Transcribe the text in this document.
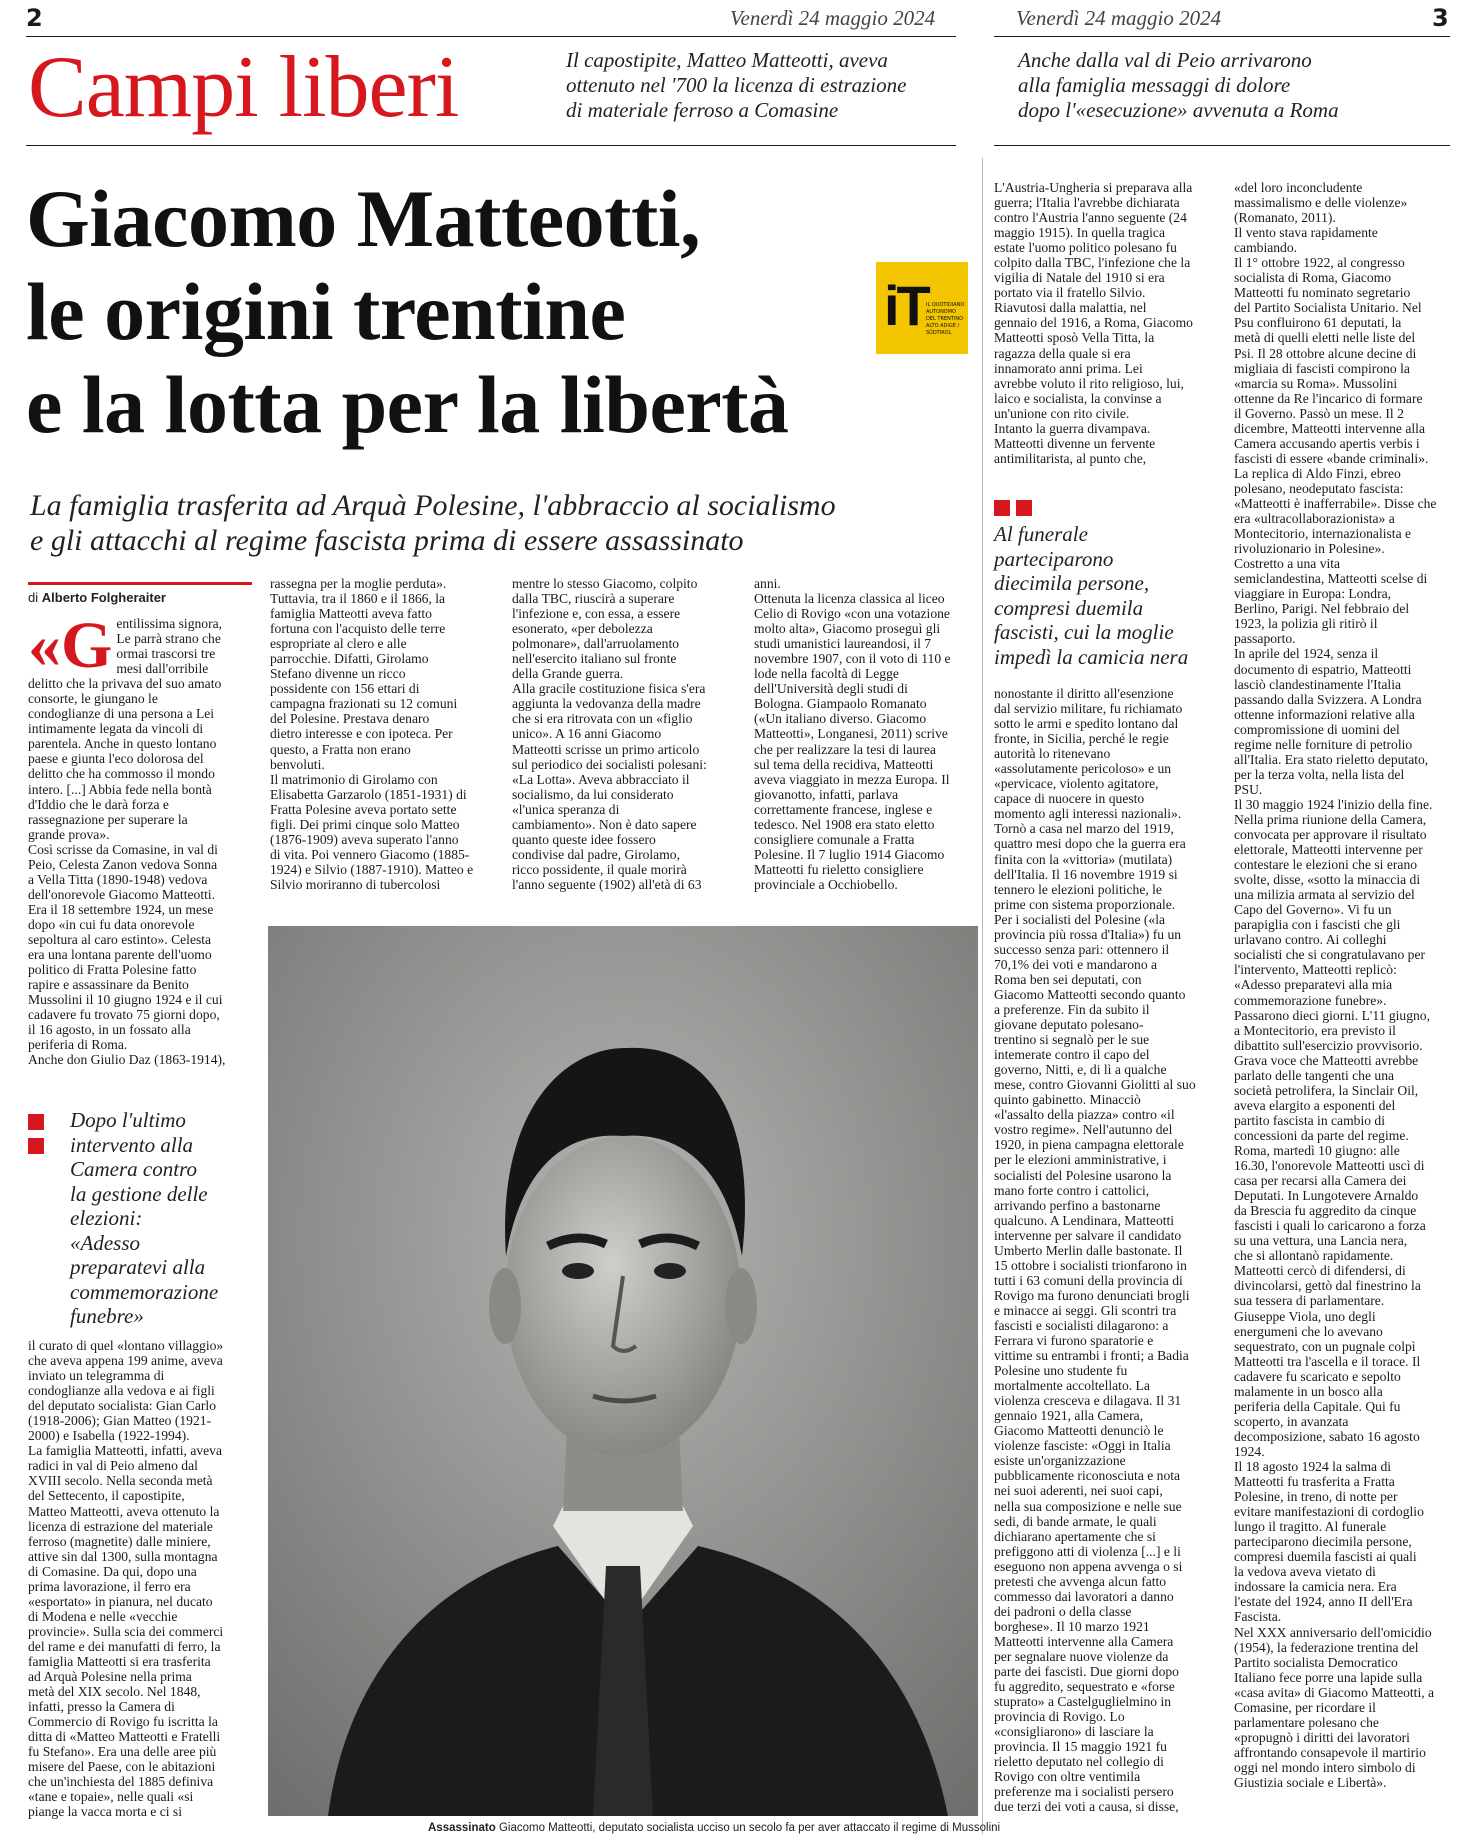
2	Venerdì 24 maggio 2024	Venerdì 24 maggio 2024	3
Campi liberi	Il capostipite, Matteo Matteotti, aveva
ottenuto nel '700 la licenza di estrazione
di materiale ferroso a Comasine
Anche dalla val di Peio arrivarono
alla famiglia messaggi di dolore
dopo l'«esecuzione» avvenuta a Roma
Giacomo Matteotti,
le origini trentine
e la lotta per la libertà
iT
IL QUOTIDIANO AUTONOMO DEL TRENTINO ALTO ADIGE / SÜDTIROL
La famiglia trasferita ad Arquà Polesine, l'abbraccio al socialismo
e gli attacchi al regime fascista prima di essere assassinato
di Alberto Folgheraiter
«G entilissima signora,
Le parrà strano che
ormai trascorsi tre
mesi dall'orribile
delitto che la privava del suo amato
consorte, le giungano le
condoglianze di una persona a Lei
intimamente legata da vincoli di
parentela. Anche in questo lontano
paese e giunta l'eco dolorosa del
delitto che ha commosso il mondo
intero. [...] Abbia fede nella bontà
d'Iddio che le darà forza e
rassegnazione per superare la
grande prova».
Così scrisse da Comasine, in val di
Peio, Celesta Zanon vedova Sonna
a Vella Titta (1890-1948) vedova
dell'onorevole Giacomo Matteotti.
Era il 18 settembre 1924, un mese
dopo «in cui fu data onorevole
sepoltura al caro estinto». Celesta
era una lontana parente dell'uomo
politico di Fratta Polesine fatto
rapire e assassinare da Benito
Mussolini il 10 giugno 1924 e il cui
cadavere fu trovato 75 giorni dopo,
il 16 agosto, in un fossato alla
periferia di Roma.
Anche don Giulio Daz (1863-1914),
Dopo l'ultimo
intervento alla
Camera contro
la gestione delle
elezioni:
«Adesso
preparatevi alla
commemorazione
funebre»
il curato di quel «lontano villaggio»
che aveva appena 199 anime, aveva
inviato un telegramma di
condoglianze alla vedova e ai figli
del deputato socialista: Gian Carlo
(1918-2006); Gian Matteo (1921-
2000) e Isabella (1922-1994).
La famiglia Matteotti, infatti, aveva
radici in val di Peio almeno dal
XVIII secolo. Nella seconda metà
del Settecento, il capostipite,
Matteo Matteotti, aveva ottenuto la
licenza di estrazione del materiale
ferroso (magnetite) dalle miniere,
attive sin dal 1300, sulla montagna
di Comasine. Da qui, dopo una
prima lavorazione, il ferro era
«esportato» in pianura, nel ducato
di Modena e nelle «vecchie
provincie». Sulla scia dei commerci
del rame e dei manufatti di ferro, la
famiglia Matteotti si era trasferita
ad Arquà Polesine nella prima
metà del XIX secolo. Nel 1848,
infatti, presso la Camera di
Commercio di Rovigo fu iscritta la
ditta di «Matteo Matteotti e Fratelli
fu Stefano». Era una delle aree più
misere del Paese, con le abitazioni
che un'inchiesta del 1885 definiva
«tane e topaie», nelle quali «si
piange la vacca morta e ci si
rassegna per la moglie perduta».
Tuttavia, tra il 1860 e il 1866, la
famiglia Matteotti aveva fatto
fortuna con l'acquisto delle terre
espropriate al clero e alle
parrocchie. Difatti, Girolamo
Stefano divenne un ricco
possidente con 156 ettari di
campagna frazionati su 12 comuni
del Polesine. Prestava denaro
dietro interesse e con ipoteca. Per
questo, a Fratta non erano
benvoluti.
Il matrimonio di Girolamo con
Elisabetta Garzarolo (1851-1931) di
Fratta Polesine aveva portato sette
figli. Dei primi cinque solo Matteo
(1876-1909) aveva superato l'anno
di vita. Poi vennero Giacomo (1885-
1924) e Silvio (1887-1910). Matteo e
Silvio moriranno di tubercolosi
mentre lo stesso Giacomo, colpito
dalla TBC, riuscirà a superare
l'infezione e, con essa, a essere
esonerato, «per debolezza
polmonare», dall'arruolamento
nell'esercito italiano sul fronte
della Grande guerra.
Alla gracile costituzione fisica s'era
aggiunta la vedovanza della madre
che si era ritrovata con un «figlio
unico». A 16 anni Giacomo
Matteotti scrisse un primo articolo
sul periodico dei socialisti polesani:
«La Lotta». Aveva abbracciato il
socialismo, da lui considerato
«l'unica speranza di
cambiamento». Non è dato sapere
quanto queste idee fossero
condivise dal padre, Girolamo,
ricco possidente, il quale morirà
l'anno seguente (1902) all'età di 63
anni.
Ottenuta la licenza classica al liceo
Celio di Rovigo «con una votazione
molto alta», Giacomo proseguì gli
studi umanistici laureandosi, il 7
novembre 1907, con il voto di 110 e
lode nella facoltà di Legge
dell'Università degli studi di
Bologna. Giampaolo Romanato
(«Un italiano diverso. Giacomo
Matteotti», Longanesi, 2011) scrive
che per realizzare la tesi di laurea
sul tema della recidiva, Matteotti
aveva viaggiato in mezza Europa. Il
giovanotto, infatti, parlava
correttamente francese, inglese e
tedesco. Nel 1908 era stato eletto
consigliere comunale a Fratta
Polesine. Il 7 luglio 1914 Giacomo
Matteotti fu rieletto consigliere
provinciale a Occhiobello.
L'Austria-Ungheria si preparava alla
guerra; l'Italia l'avrebbe dichiarata
contro l'Austria l'anno seguente (24
maggio 1915). In quella tragica
estate l'uomo politico polesano fu
colpito dalla TBC, l'infezione che la
vigilia di Natale del 1910 si era
portato via il fratello Silvio.
Riavutosi dalla malattia, nel
gennaio del 1916, a Roma, Giacomo
Matteotti sposò Vella Titta, la
ragazza della quale si era
innamorato anni prima. Lei
avrebbe voluto il rito religioso, lui,
laico e socialista, la convinse a
un'unione con rito civile.
Intanto la guerra divampava.
Matteotti divenne un fervente
antimilitarista, al punto che,
Al funerale
parteciparono
diecimila persone,
compresi duemila
fascisti, cui la moglie
impedì la camicia nera
nonostante il diritto all'esenzione
dal servizio militare, fu richiamato
sotto le armi e spedito lontano dal
fronte, in Sicilia, perché le regie
autorità lo ritenevano
«assolutamente pericoloso» e un
«pervicace, violento agitatore,
capace di nuocere in questo
momento agli interessi nazionali».
Tornò a casa nel marzo del 1919,
quattro mesi dopo che la guerra era
finita con la «vittoria» (mutilata)
dell'Italia. Il 16 novembre 1919 si
tennero le elezioni politiche, le
prime con sistema proporzionale.
Per i socialisti del Polesine («la
provincia più rossa d'Italia») fu un
successo senza pari: ottennero il
70,1% dei voti e mandarono a
Roma ben sei deputati, con
Giacomo Matteotti secondo quanto
a preferenze. Fin da subito il
giovane deputato polesano-
trentino si segnalò per le sue
intemerate contro il capo del
governo, Nitti, e, di lì a qualche
mese, contro Giovanni Giolitti al suo
quinto gabinetto. Minacciò
«l'assalto della piazza» contro «il
vostro regime». Nell'autunno del
1920, in piena campagna elettorale
per le elezioni amministrative, i
socialisti del Polesine usarono la
mano forte contro i cattolici,
arrivando perfino a bastonarne
qualcuno. A Lendinara, Matteotti
intervenne per salvare il candidato
Umberto Merlin dalle bastonate. Il
15 ottobre i socialisti trionfarono in
tutti i 63 comuni della provincia di
Rovigo ma furono denunciati brogli
e minacce ai seggi. Gli scontri tra
fascisti e socialisti dilagarono: a
Ferrara vi furono sparatorie e
vittime su entrambi i fronti; a Badia
Polesine uno studente fu
mortalmente accoltellato. La
violenza cresceva e dilagava. Il 31
gennaio 1921, alla Camera,
Giacomo Matteotti denunciò le
violenze fasciste: «Oggi in Italia
esiste un'organizzazione
pubblicamente riconosciuta e nota
nei suoi aderenti, nei suoi capi,
nella sua composizione e nelle sue
sedi, di bande armate, le quali
dichiarano apertamente che si
prefiggono atti di violenza [...] e li
eseguono non appena avvenga o si
pretesti che avvenga alcun fatto
commesso dai lavoratori a danno
dei padroni o della classe
borghese». Il 10 marzo 1921
Matteotti intervenne alla Camera
per segnalare nuove violenze da
parte dei fascisti. Due giorni dopo
fu aggredito, sequestrato e «forse
stuprato» a Castelguglielmino in
provincia di Rovigo. Lo
«consigliarono» di lasciare la
provincia. Il 15 maggio 1921 fu
rieletto deputato nel collegio di
Rovigo con oltre ventimila
preferenze ma i socialisti persero
due terzi dei voti a causa, si disse,
«del loro inconcludente
massimalismo e delle violenze»
(Romanato, 2011).
Il vento stava rapidamente
cambiando.
Il 1° ottobre 1922, al congresso
socialista di Roma, Giacomo
Matteotti fu nominato segretario
del Partito Socialista Unitario. Nel
Psu confluirono 61 deputati, la
metà di quelli eletti nelle liste del
Psi. Il 28 ottobre alcune decine di
migliaia di fascisti compirono la
«marcia su Roma». Mussolini
ottenne da Re l'incarico di formare
il Governo. Passò un mese. Il 2
dicembre, Matteotti intervenne alla
Camera accusando apertis verbis i
fascisti di essere «bande criminali».
La replica di Aldo Finzi, ebreo
polesano, neodeputato fascista:
«Matteotti è inafferrabile». Disse che
era «ultracollaborazionista» a
Montecitorio, internazionalista e
rivoluzionario in Polesine».
Costretto a una vita
semiclandestina, Matteotti scelse di
viaggiare in Europa: Londra,
Berlino, Parigi. Nel febbraio del
1923, la polizia gli ritirò il
passaporto.
In aprile del 1924, senza il
documento di espatrio, Matteotti
lasciò clandestinamente l'Italia
passando dalla Svizzera. A Londra
ottenne informazioni relative alla
compromissione di uomini del
regime nelle forniture di petrolio
all'Italia. Era stato rieletto deputato,
per la terza volta, nella lista del
PSU.
Il 30 maggio 1924 l'inizio della fine.
Nella prima riunione della Camera,
convocata per approvare il risultato
elettorale, Matteotti intervenne per
contestare le elezioni che si erano
svolte, disse, «sotto la minaccia di
una milizia armata al servizio del
Capo del Governo». Vi fu un
parapiglia con i fascisti che gli
urlavano contro. Ai colleghi
socialisti che si congratulavano per
l'intervento, Matteotti replicò:
«Adesso preparatevi alla mia
commemorazione funebre».
Passarono dieci giorni. L'11 giugno,
a Montecitorio, era previsto il
dibattito sull'esercizio provvisorio.
Grava voce che Matteotti avrebbe
parlato delle tangenti che una
società petrolifera, la Sinclair Oil,
aveva elargito a esponenti del
partito fascista in cambio di
concessioni da parte del regime.
Roma, martedì 10 giugno: alle
16.30, l'onorevole Matteotti uscì di
casa per recarsi alla Camera dei
Deputati. In Lungotevere Arnaldo
da Brescia fu aggredito da cinque
fascisti i quali lo caricarono a forza
su una vettura, una Lancia nera,
che si allontanò rapidamente.
Matteotti cercò di difendersi, di
divincolarsi, gettò dal finestrino la
sua tessera di parlamentare.
Giuseppe Viola, uno degli
energumeni che lo avevano
sequestrato, con un pugnale colpì
Matteotti tra l'ascella e il torace. Il
cadavere fu scaricato e sepolto
malamente in un bosco alla
periferia della Capitale. Qui fu
scoperto, in avanzata
decomposizione, sabato 16 agosto
1924.
Il 18 agosto 1924 la salma di
Matteotti fu trasferita a Fratta
Polesine, in treno, di notte per
evitare manifestazioni di cordoglio
lungo il tragitto. Al funerale
parteciparono diecimila persone,
compresi duemila fascisti ai quali
la vedova aveva vietato di
indossare la camicia nera. Era
l'estate del 1924, anno II dell'Era
Fascista.
Nel XXX anniversario dell'omicidio
(1954), la federazione trentina del
Partito socialista Democratico
Italiano fece porre una lapide sulla
«casa avita» di Giacomo Matteotti, a
Comasine, per ricordare il
parlamentare polesano che
«propugnò i diritti dei lavoratori
affrontando consapevole il martirio
oggi nel mondo intero simbolo di
Giustizia sociale e Libertà».
Assassinato Giacomo Matteotti, deputato socialista ucciso un secolo fa per aver attaccato il regime di Mussolini
